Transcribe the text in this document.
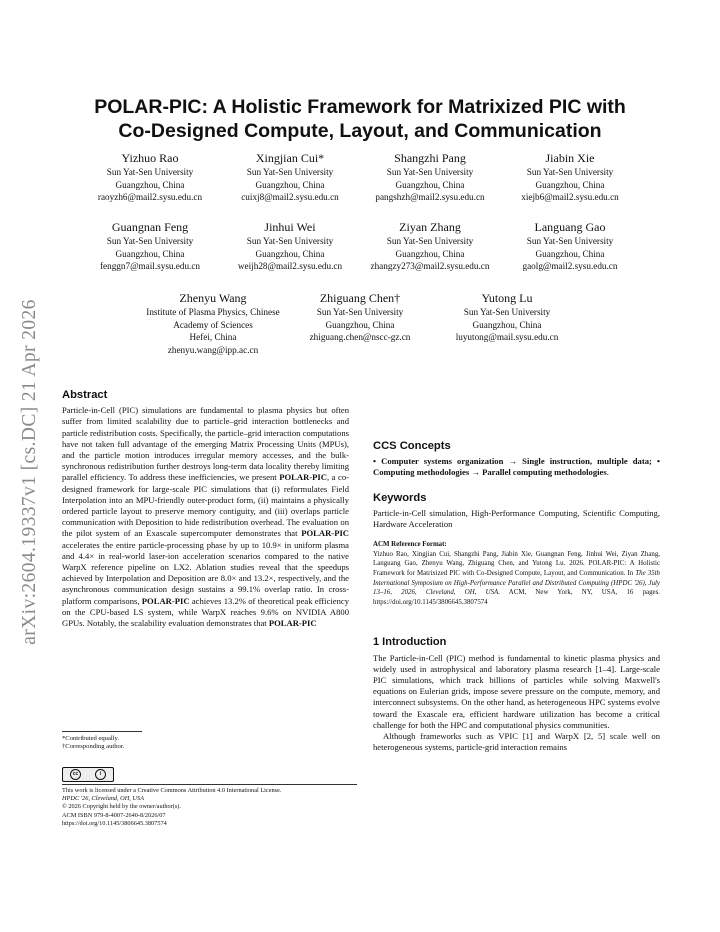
arXiv:2604.19337v1 [cs.DC] 21 Apr 2026
POLAR-PIC: A Holistic Framework for Matrixized PIC with
Co-Designed Compute, Layout, and Communication
Yizhuo Rao
Sun Yat-Sen University
Guangzhou, China
raoyzh6@mail2.sysu.edu.cn
Xingjian Cui*
Sun Yat-Sen University
Guangzhou, China
cuixj8@mail2.sysu.edu.cn
Shangzhi Pang
Sun Yat-Sen University
Guangzhou, China
pangshzh@mail2.sysu.edu.cn
Jiabin Xie
Sun Yat-Sen University
Guangzhou, China
xiejb6@mail2.sysu.edu.cn
Guangnan Feng
Sun Yat-Sen University
Guangzhou, China
fenggn7@mail.sysu.edu.cn
Jinhui Wei
Sun Yat-Sen University
Guangzhou, China
weijh28@mail2.sysu.edu.cn
Ziyan Zhang
Sun Yat-Sen University
Guangzhou, China
zhangzy273@mail2.sysu.edu.cn
Languang Gao
Sun Yat-Sen University
Guangzhou, China
gaolg@mail2.sysu.edu.cn
Zhenyu Wang
Institute of Plasma Physics, Chinese Academy of Sciences
Hefei, China
zhenyu.wang@ipp.ac.cn
Zhiguang Chen†
Sun Yat-Sen University
Guangzhou, China
zhiguang.chen@nscc-gz.cn
Yutong Lu
Sun Yat-Sen University
Guangzhou, China
luyutong@mail.sysu.edu.cn
Abstract

Particle-in-Cell (PIC) simulations are fundamental to plasma physics but often suffer from limited scalability due to particle–grid interaction bottlenecks and particle redistribution costs. Specifically, the particle–grid interaction computations have not taken full advantage of the emerging Matrix Processing Units (MPUs), and the particle motion introduces irregular memory accesses, and the bulk-synchronous redistribution further destroys long-term data locality thereby limiting parallel efficiency. To address these inefficiencies, we present POLAR-PIC, a co-designed framework for large-scale PIC simulations that (i) reformulates Field Interpolation into an MPU-friendly outer-product form, (ii) maintains a physically ordered particle layout to preserve memory contiguity, and (iii) overlaps particle communication with Deposition to hide redistribution overhead. The evaluation on the pilot system of an Exascale supercomputer demonstrates that POLAR-PIC accelerates the entire particle-processing phase by up to 10.9× in uniform plasma and 4.4× in real-world laser-ion acceleration scenarios compared to the native WarpX reference pipeline on LX2. Ablation studies reveal that the speedups achieved by Interpolation and Deposition are 8.0× and 13.2×, respectively, and the asynchronous communication design sustains a 99.1% overlap ratio. In cross-platform comparisons, POLAR-PIC achieves 13.2% of theoretical peak efficiency on the CPU-based LS system, while WarpX reaches 9.6% on NVIDIA A800 GPUs. Notably, the scalability evaluation demonstrates that POLAR-PIC

*Contributed equally.
†Corresponding author.
cc	i
This work is licensed under a Creative Commons Attribution 4.0 International License.
HPDC '26, Cleveland, OH, USA
© 2026 Copyright held by the owner/author(s).
ACM ISBN 979-8-4007-2640-8/2026/07
https://doi.org/10.1145/3806645.3807574
CCS Concepts

• Computer systems organization → Single instruction, multiple data; • Computing methodologies → Parallel computing methodologies.

Keywords

Particle-in-Cell simulation, High-Performance Computing, Scientific Computing, Hardware Acceleration

ACM Reference Format:
Yizhuo Rao, Xingjian Cui, Shangzhi Pang, Jiabin Xie, Guangnan Feng, Jinhui Wei, Ziyan Zhang, Languang Gao, Zhenyu Wang, Zhiguang Chen, and Yutong Lu. 2026. POLAR-PIC: A Holistic Framework for Matrixized PIC with Co-Designed Compute, Layout, and Communication. In The 35th International Symposium on High-Performance Parallel and Distributed Computing (HPDC '26), July 13–16, 2026, Cleveland, OH, USA. ACM, New York, NY, USA, 16 pages. https://doi.org/10.1145/3806645.3807574
1 Introduction

The Particle-in-Cell (PIC) method is fundamental to kinetic plasma physics and widely used in astrophysical and laboratory plasma research [1–4]. Large-scale PIC simulations, which track billions of particles while solving Maxwell's equations on Eulerian grids, impose severe pressure on the compute, memory, and interconnect subsystems. On the other hand, as heterogeneous HPC systems evolve toward the Exascale era, efficient hardware utilization has become a critical challenge for both the HPC and computational physics communities.

Although frameworks such as VPIC [1] and WarpX [2, 5] scale well on heterogeneous systems, particle-grid interaction remains
